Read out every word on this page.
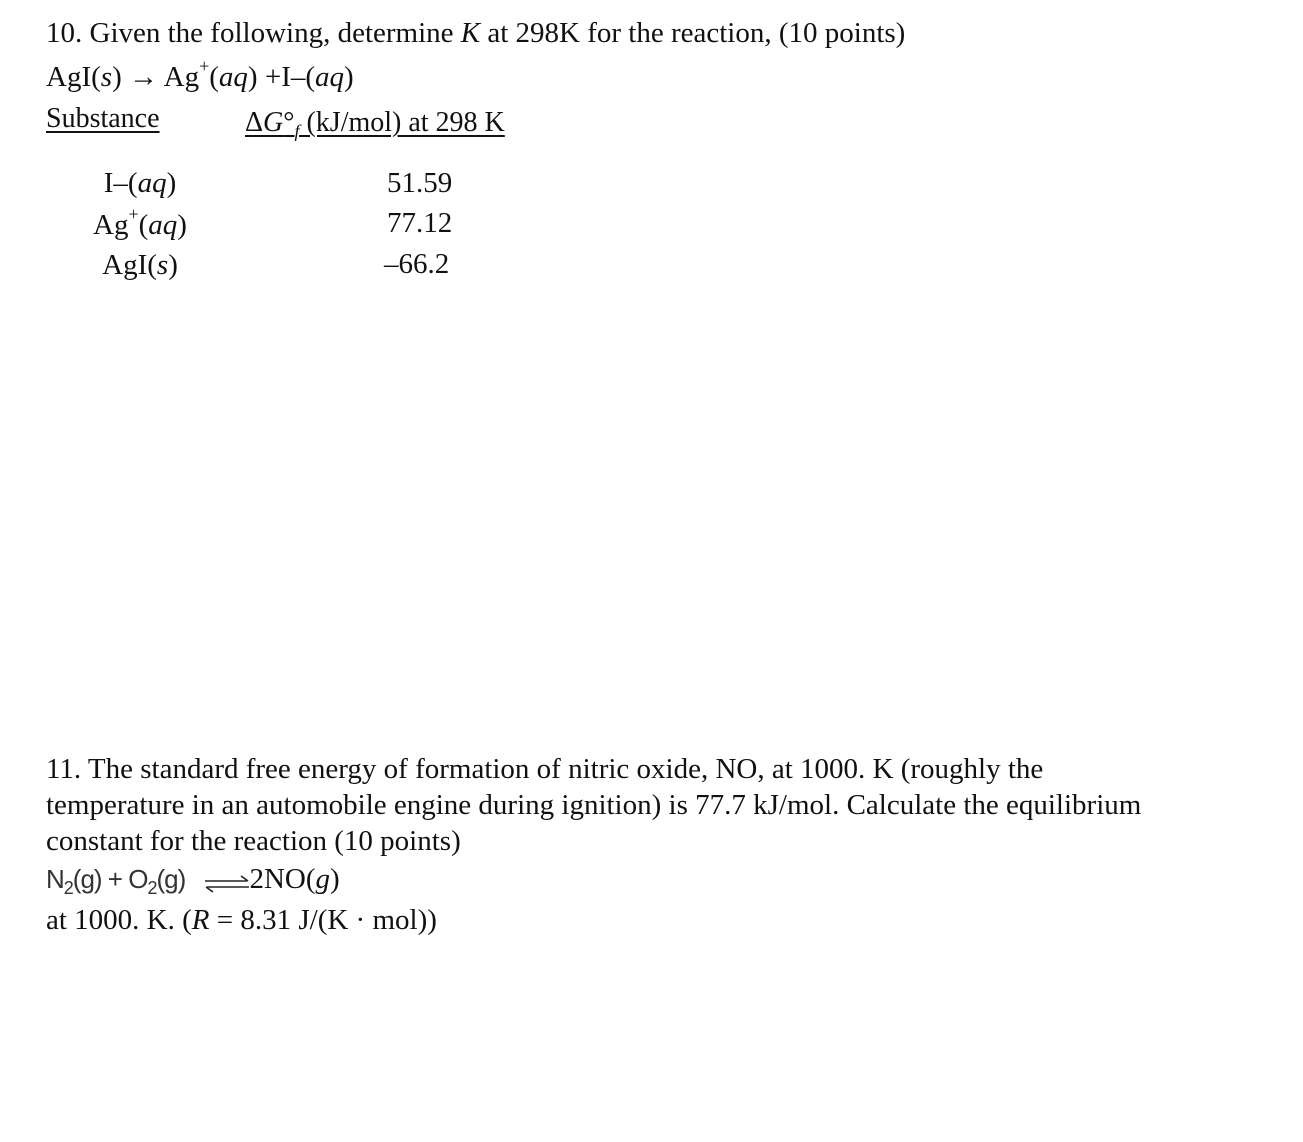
10. Given the following, determine K at 298K for the reaction, (10 points)
AgI(s) → Ag+(aq) +I–(aq)
Substance	$\Delta G^\circ_f$ (kJ/mol) at 298 K
I–(aq)	51.59
Ag+(aq)	77.12
AgI(s)	–66.2
11. The standard free energy of formation of nitric oxide, NO, at 1000. K (roughly the
temperature in an automobile engine during ignition) is 77.7 kJ/mol. Calculate the equilibrium
constant for the reaction (10 points)
$N_2(g) + O_2(g)$ ⇌2NO(g)
at 1000. K. (R = 8.31 J/(K · mol))
